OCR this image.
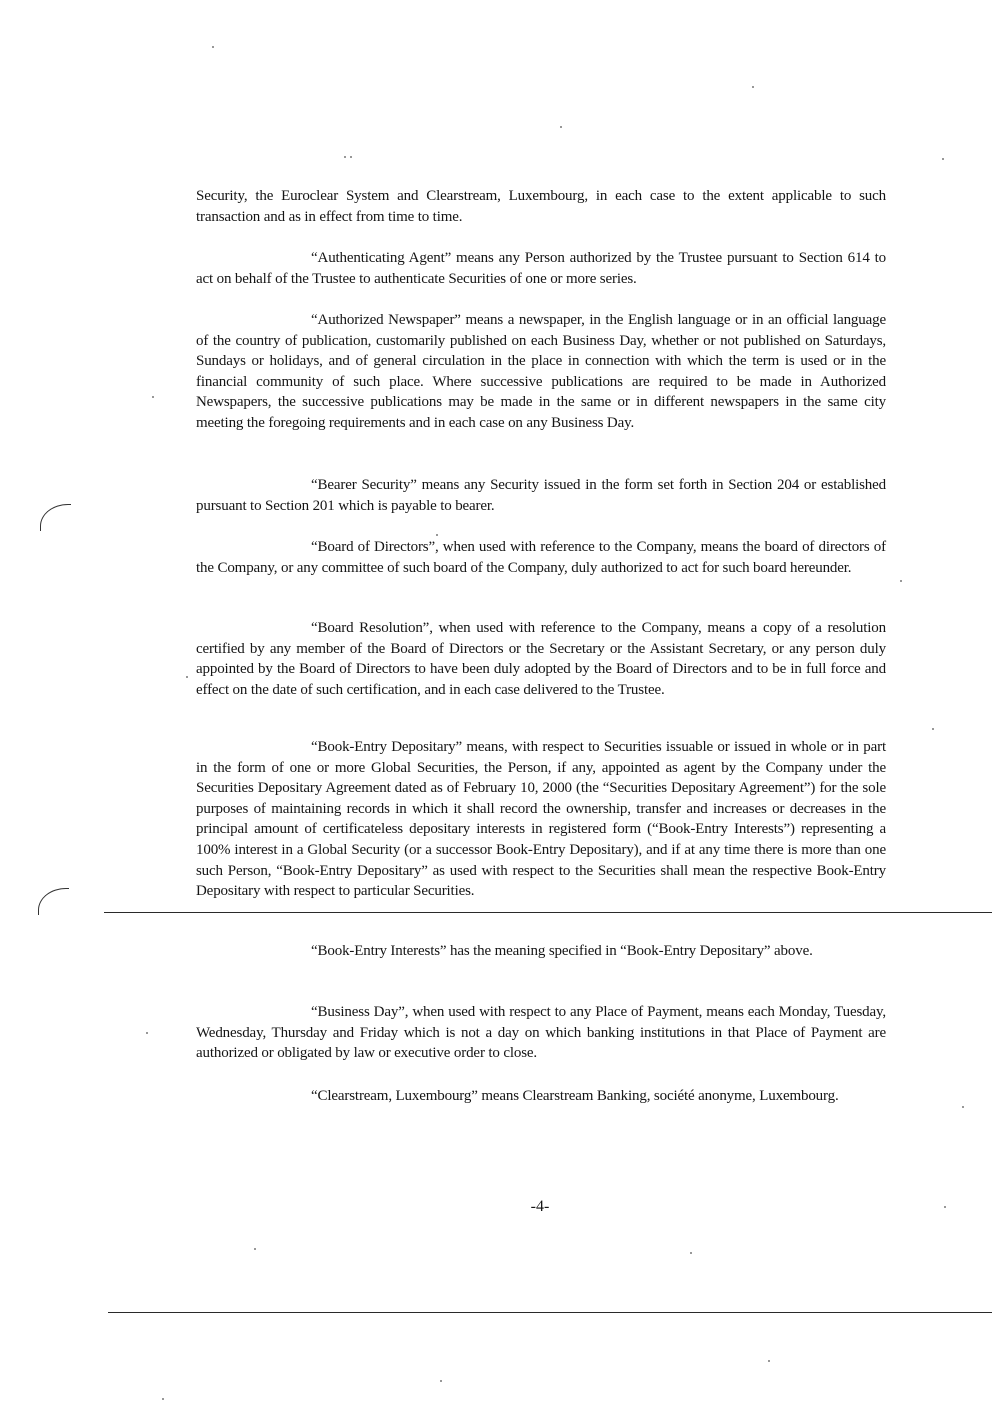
Security, the Euroclear System and Clearstream, Luxembourg, in each case to the extent applicable to such transaction and as in effect from time to time.

“Authenticating Agent” means any Person authorized by the Trustee pursuant to Section 614 to act on behalf of the Trustee to authenticate Securities of one or more series.

“Authorized Newspaper” means a newspaper, in the English language or in an official language of the country of publication, customarily published on each Business Day, whether or not published on Saturdays, Sundays or holidays, and of general circulation in the place in connection with which the term is used or in the financial community of such place. Where successive publications are required to be made in Authorized Newspapers, the successive publications may be made in the same or in different newspapers in the same city meeting the foregoing requirements and in each case on any Business Day.

“Bearer Security” means any Security issued in the form set forth in Section 204 or established pursuant to Section 201 which is payable to bearer.

“Board of Directors”, when used with reference to the Company, means the board of directors of the Company, or any committee of such board of the Company, duly authorized to act for such board hereunder.

“Board Resolution”, when used with reference to the Company, means a copy of a resolution certified by any member of the Board of Directors or the Secretary or the Assistant Secretary, or any person duly appointed by the Board of Directors to have been duly adopted by the Board of Directors and to be in full force and effect on the date of such certification, and in each case delivered to the Trustee.

“Book-Entry Depositary” means, with respect to Securities issuable or issued in whole or in part in the form of one or more Global Securities, the Person, if any, appointed as agent by the Company under the Securities Depositary Agreement dated as of February 10, 2000 (the “Securities Depositary Agreement”) for the sole purposes of maintaining records in which it shall record the ownership, transfer and increases or decreases in the principal amount of certificateless depositary interests in registered form (“Book-Entry Interests”) representing a 100% interest in a Global Security (or a successor Book-Entry Depositary), and if at any time there is more than one such Person, “Book-Entry Depositary” as used with respect to the Securities shall mean the respective Book-Entry Depositary with respect to particular Securities.

“Book-Entry Interests” has the meaning specified in “Book-Entry Depositary” above.

“Business Day”, when used with respect to any Place of Payment, means each Monday, Tuesday, Wednesday, Thursday and Friday which is not a day on which banking institutions in that Place of Payment are authorized or obligated by law or executive order to close.

“Clearstream, Luxembourg” means Clearstream Banking, société anonyme, Luxembourg.

-4-
